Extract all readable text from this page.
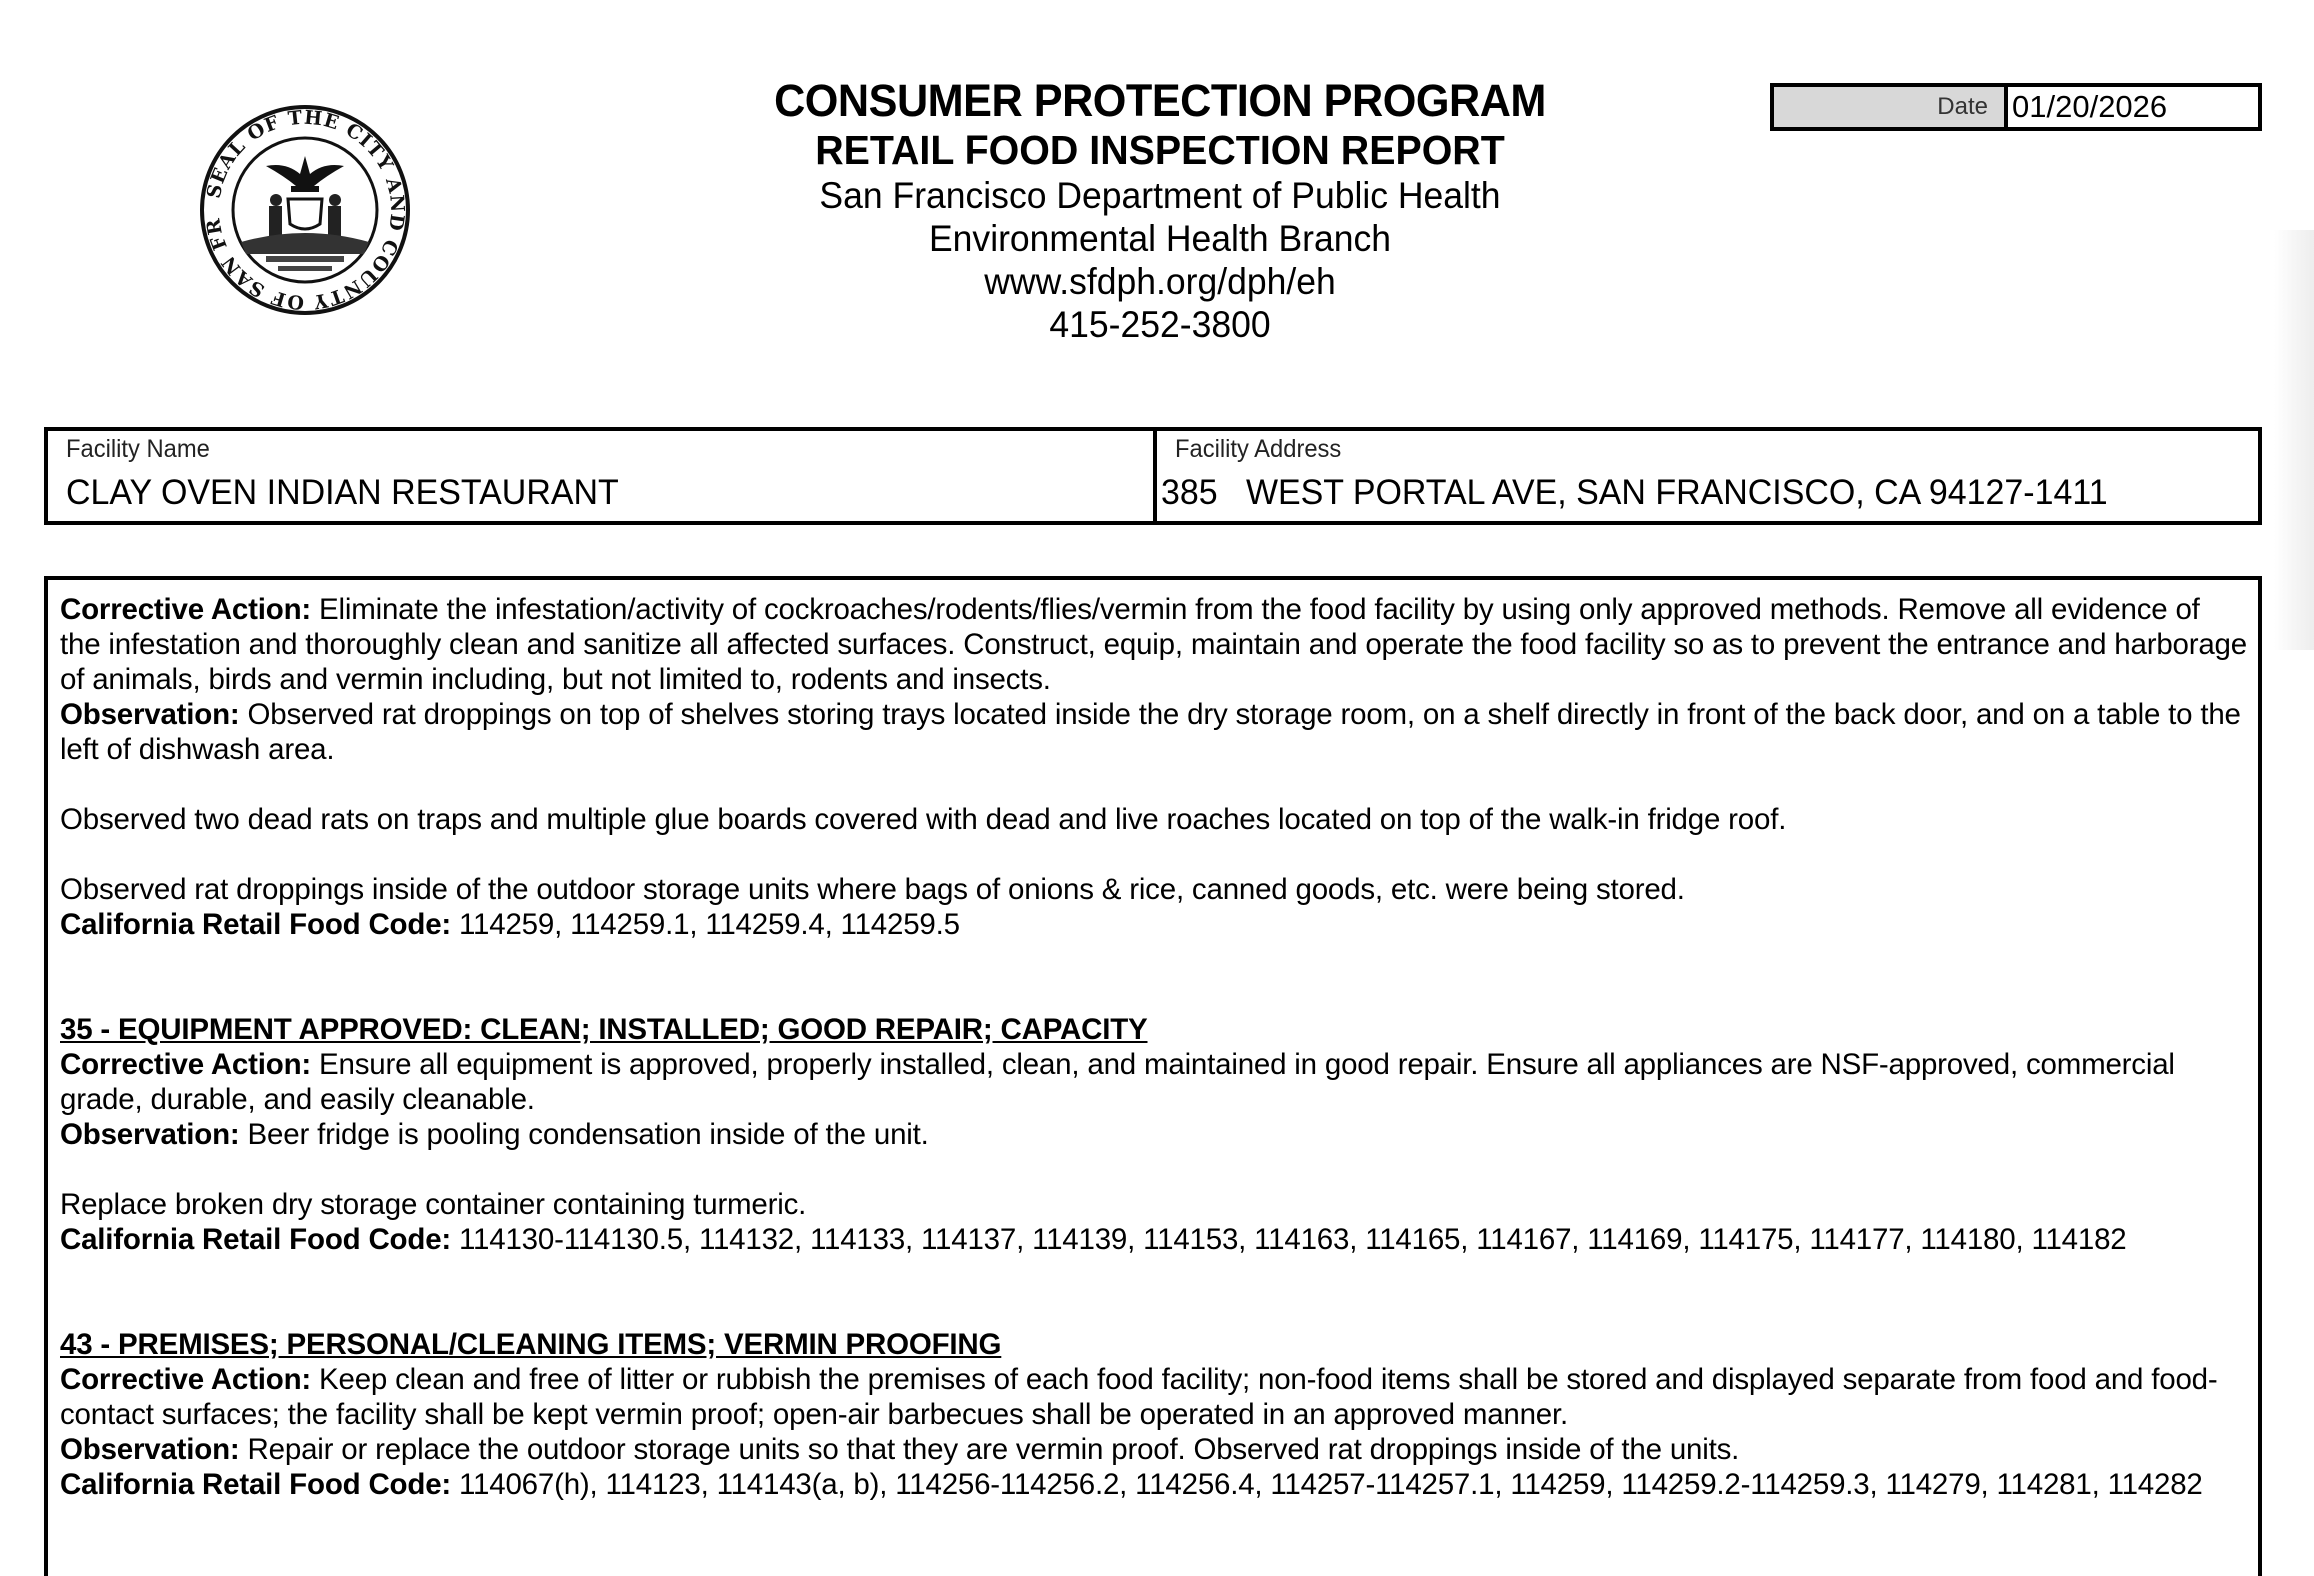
SEAL OF THE CITY AND COUNTY OF SAN FR
CONSUMER PROTECTION PROGRAM
RETAIL FOOD INSPECTION REPORT
San Francisco Department of Public Health
Environmental Health Branch
www.sfdph.org/dph/eh
415-252-3800
Date 01/20/2026
Facility Name
CLAY OVEN INDIAN RESTAURANT
Facility Address
385   WEST PORTAL AVE, SAN FRANCISCO, CA 94127-1411

Corrective Action: Eliminate the infestation/activity of cockroaches/rodents/flies/vermin from the food facility by using only approved methods. Remove all evidence of the infestation and thoroughly clean and sanitize all affected surfaces. Construct, equip, maintain and operate the food facility so as to prevent the entrance and harborage of animals, birds and vermin including, but not limited to, rodents and insects.

Observation: Observed rat droppings on top of shelves storing trays located inside the dry storage room, on a shelf directly in front of the back door, and on a table to the left of dishwash area.

Observed two dead rats on traps and multiple glue boards covered with dead and live roaches located on top of the walk-in fridge roof.

Observed rat droppings inside of the outdoor storage units where bags of onions & rice, canned goods, etc. were being stored.

California Retail Food Code: 114259, 114259.1, 114259.4, 114259.5

35 - EQUIPMENT APPROVED: CLEAN; INSTALLED; GOOD REPAIR; CAPACITY

Corrective Action: Ensure all equipment is approved, properly installed, clean, and maintained in good repair. Ensure all appliances are NSF-approved, commercial grade, durable, and easily cleanable.

Observation: Beer fridge is pooling condensation inside of the unit.

Replace broken dry storage container containing turmeric.

California Retail Food Code: 114130-114130.5, 114132, 114133, 114137, 114139, 114153, 114163, 114165, 114167, 114169, 114175, 114177, 114180, 114182

43 - PREMISES; PERSONAL/CLEANING ITEMS; VERMIN PROOFING

Corrective Action: Keep clean and free of litter or rubbish the premises of each food facility; non-food items shall be stored and displayed separate from food and food-contact surfaces; the facility shall be kept vermin proof; open-air barbecues shall be operated in an approved manner.

Observation: Repair or replace the outdoor storage units so that they are vermin proof. Observed rat droppings inside of the units.

California Retail Food Code: 114067(h), 114123, 114143(a, b), 114256-114256.2, 114256.4, 114257-114257.1, 114259, 114259.2-114259.3, 114279, 114281, 114282
